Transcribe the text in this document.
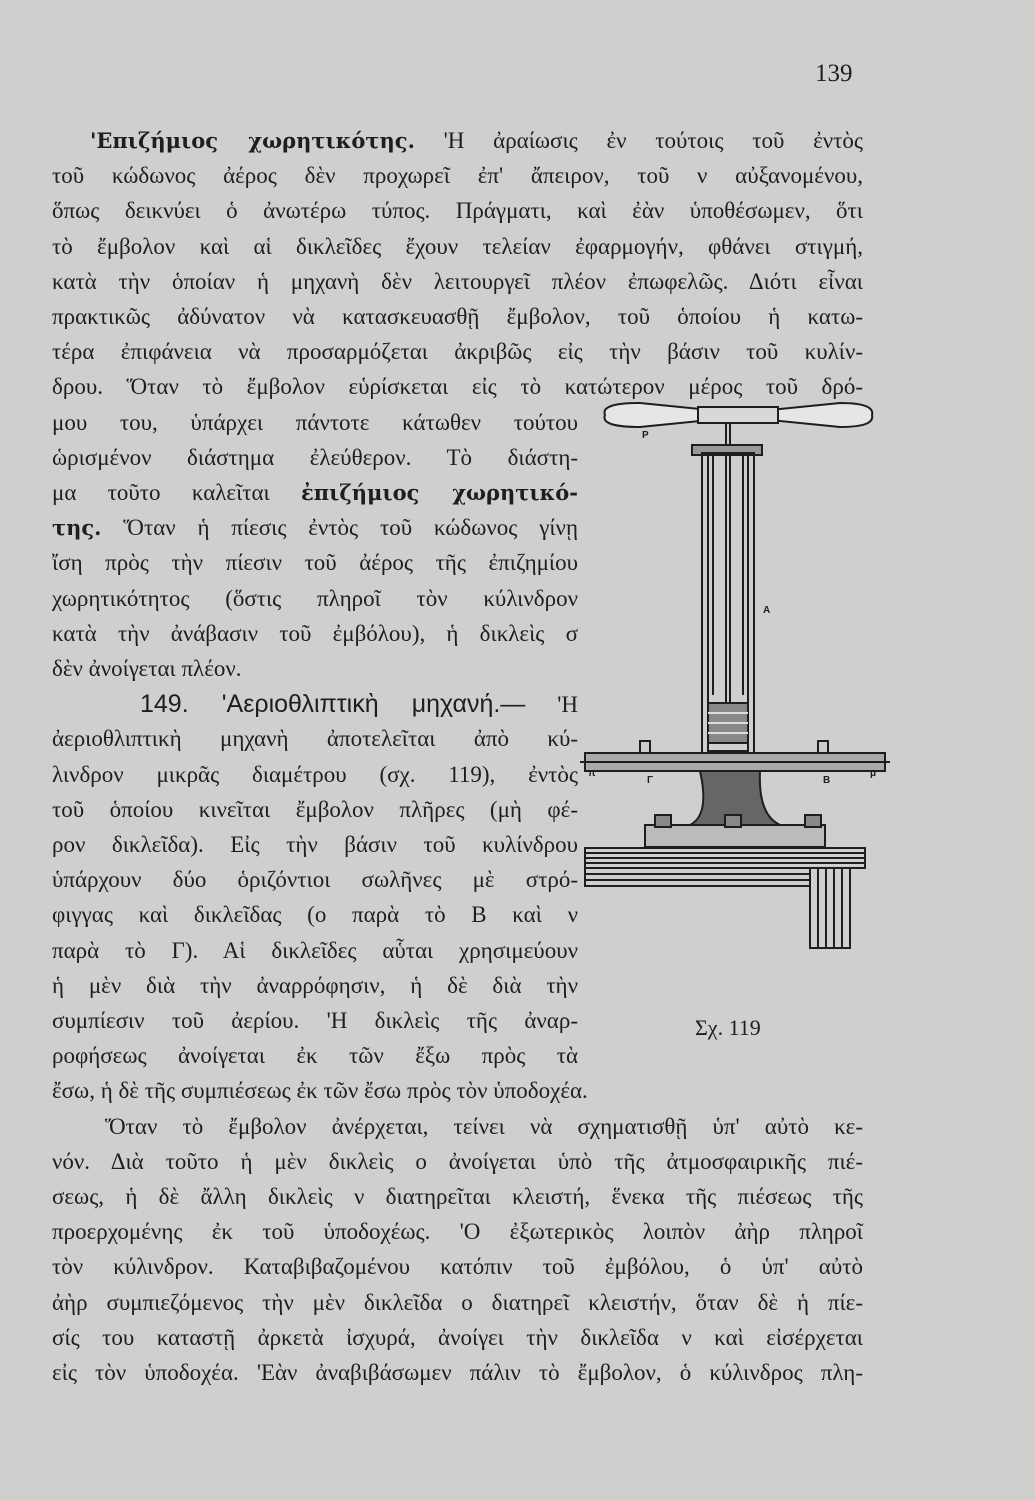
139
'Επιζήμιος χωρητικότης. 'Η ἀραίωσις ἐν τούτοις τοῦ ἐντὸς
τοῦ κώδωνος ἀέρος δὲν προχωρεῖ ἐπ' ἄπειρον, τοῦ ν αὐξανομένου,
ὅπως δεικνύει ὁ ἀνωτέρω τύπος. Πράγματι, καὶ ἐὰν ὑποθέσωμεν, ὅτι
τὸ ἔμβολον καὶ αἱ δικλεῖδες ἔχουν τελείαν ἐφαρμογήν, φθάνει στιγμή,
κατὰ τὴν ὁποίαν ἡ μηχανὴ δὲν λειτουργεῖ πλέον ἐπωφελῶς. Διότι εἶναι
πρακτικῶς ἀδύνατον νὰ κατασκευασθῇ ἔμβολον, τοῦ ὁποίου ἡ κατω-
τέρα ἐπιφάνεια νὰ προσαρμόζεται ἀκριβῶς εἰς τὴν βάσιν τοῦ κυλίν-
δρου. Ὅταν τὸ ἔμβολον εὑρίσκεται εἰς τὸ κατώτερον μέρος τοῦ δρό-
μου του, ὑπάρχει πάντοτε κάτωθεν τούτου
ὡρισμένον διάστημα ἐλεύθερον. Τὸ διάστη-
μα τοῦτο καλεῖται ἐπιζήμιος χωρητικό-
της. Ὅταν ἡ πίεσις ἐντὸς τοῦ κώδωνος γίνῃ
ἴση πρὸς τὴν πίεσιν τοῦ ἀέρος τῆς ἐπιζημίου
χωρητικότητος (ὅστις πληροῖ τὸν κύλινδρον
κατὰ τὴν ἀνάβασιν τοῦ ἐμβόλου), ἡ δικλεὶς σ
δὲν ἀνοίγεται πλέον.
149. 'Αεριοθλιπτικὴ μηχανή.— 'Η
ἀεριοθλιπτικὴ μηχανὴ ἀποτελεῖται ἀπὸ κύ-
λινδρον μικρᾶς διαμέτρου (σχ. 119), ἐντὸς
τοῦ ὁποίου κινεῖται ἔμβολον πλῆρες (μὴ φέ-
ρον δικλεῖδα). Εἰς τὴν βάσιν τοῦ κυλίνδρου
ὑπάρχουν δύο ὁριζόντιοι σωλῆνες μὲ στρό-
φιγγας καὶ δικλεῖδας (ο παρὰ τὸ Β καὶ ν
παρὰ τὸ Γ). Αἱ δικλεῖδες αὗται χρησιμεύουν
ἡ μὲν διὰ τὴν ἀναρρόφησιν, ἡ δὲ διὰ τὴν
συμπίεσιν τοῦ ἀερίου. 'Η δικλεὶς τῆς ἀναρ-
ροφήσεως ἀνοίγεται ἐκ τῶν ἔξω πρὸς τὰ
ἔσω, ἡ δὲ τῆς συμπιέσεως ἐκ τῶν ἔσω πρὸς τὸν ὑποδοχέα.
Ὅταν τὸ ἔμβολον ἀνέρχεται, τείνει νὰ σχηματισθῇ ὑπ' αὐτὸ κε-
νόν. Διὰ τοῦτο ἡ μὲν δικλεὶς ο ἀνοίγεται ὑπὸ τῆς ἀτμοσφαιρικῆς πιέ-
σεως, ἡ δὲ ἄλλη δικλεὶς ν διατηρεῖται κλειστή, ἕνεκα τῆς πιέσεως τῆς
προερχομένης ἐκ τοῦ ὑποδοχέως. 'Ο ἐξωτερικὸς λοιπὸν ἀὴρ πληροῖ
τὸν κύλινδρον. Καταβιβαζομένου κατόπιν τοῦ ἐμβόλου, ὁ ὑπ' αὐτὸ
ἀὴρ συμπιεζόμενος τὴν μὲν δικλεῖδα ο διατηρεῖ κλειστήν, ὅταν δὲ ἡ πίε-
σίς του καταστῇ ἀρκετὰ ἰσχυρά, ἀνοίγει τὴν δικλεῖδα ν καὶ εἰσέρχεται
εἰς τὸν ὑποδοχέα. 'Εὰν ἀναβιβάσωμεν πάλιν τὸ ἔμβολον, ὁ κύλινδρος πλη-
P
A
Γ	B
π	μ
Σχ. 119
